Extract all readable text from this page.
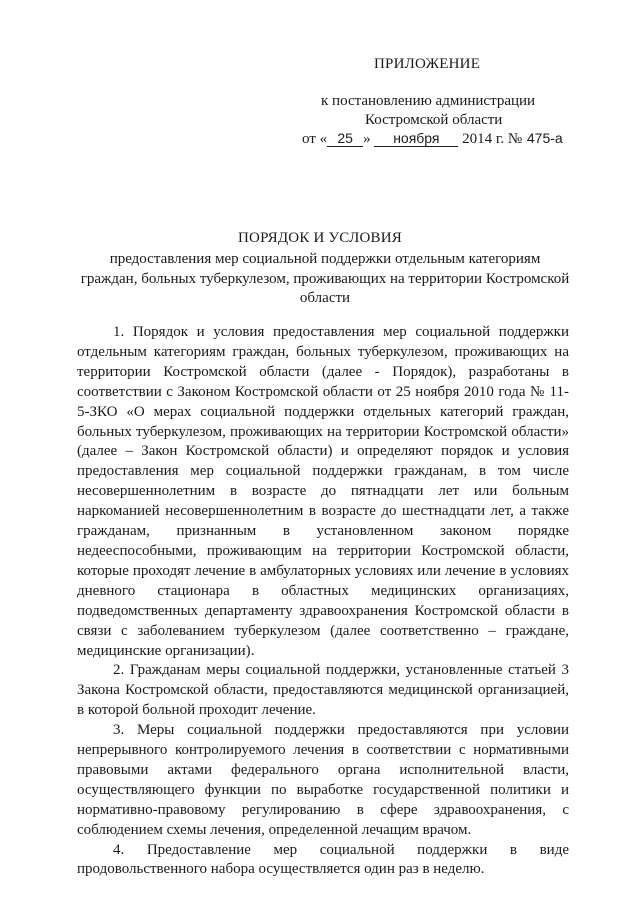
ПРИЛОЖЕНИЕ
к постановлению администрации
Костромской области
от « 25 » ноября 2014 г. № 475-а
ПОРЯДОК И УСЛОВИЯ
предоставления мер социальной поддержки отдельным категориям граждан, больных туберкулезом, проживающих на территории Костромской области

1. Порядок и условия предоставления мер социальной поддержки отдельным категориям граждан, больных туберкулезом, проживающих на территории Костромской области (далее - Порядок), разработаны в соответствии с Законом Костромской области от 25 ноября 2010 года № 11-5-ЗКО «О мерах социальной поддержки отдельных категорий граждан, больных туберкулезом, проживающих на территории Костромской области» (далее – Закон Костромской области) и определяют порядок и условия предоставления мер социальной поддержки гражданам, в том числе несовершеннолетним в возрасте до пятнадцати лет или больным наркоманией несовершеннолетним в возрасте до шестнадцати лет, а также гражданам, признанным в установленном законом порядке недееспособными, проживающим на территории Костромской области, которые проходят лечение в амбулаторных условиях или лечение в условиях дневного стационара в областных медицинских организациях, подведомственных департаменту здравоохранения Костромской области в связи с заболеванием туберкулезом (далее соответственно – граждане, медицинские организации).

2. Гражданам меры социальной поддержки, установленные статьей 3 Закона Костромской области, предоставляются медицинской организацией, в которой больной проходит лечение.

3. Меры социальной поддержки предоставляются при условии непрерывного контролируемого лечения в соответствии с нормативными правовыми актами федерального органа исполнительной власти, осуществляющего функции по выработке государственной политики и нормативно-правовому регулированию в сфере здравоохранения, с соблюдением схемы лечения, определенной лечащим врачом.

4. Предоставление мер социальной поддержки в виде продовольственного набора осуществляется один раз в неделю.
